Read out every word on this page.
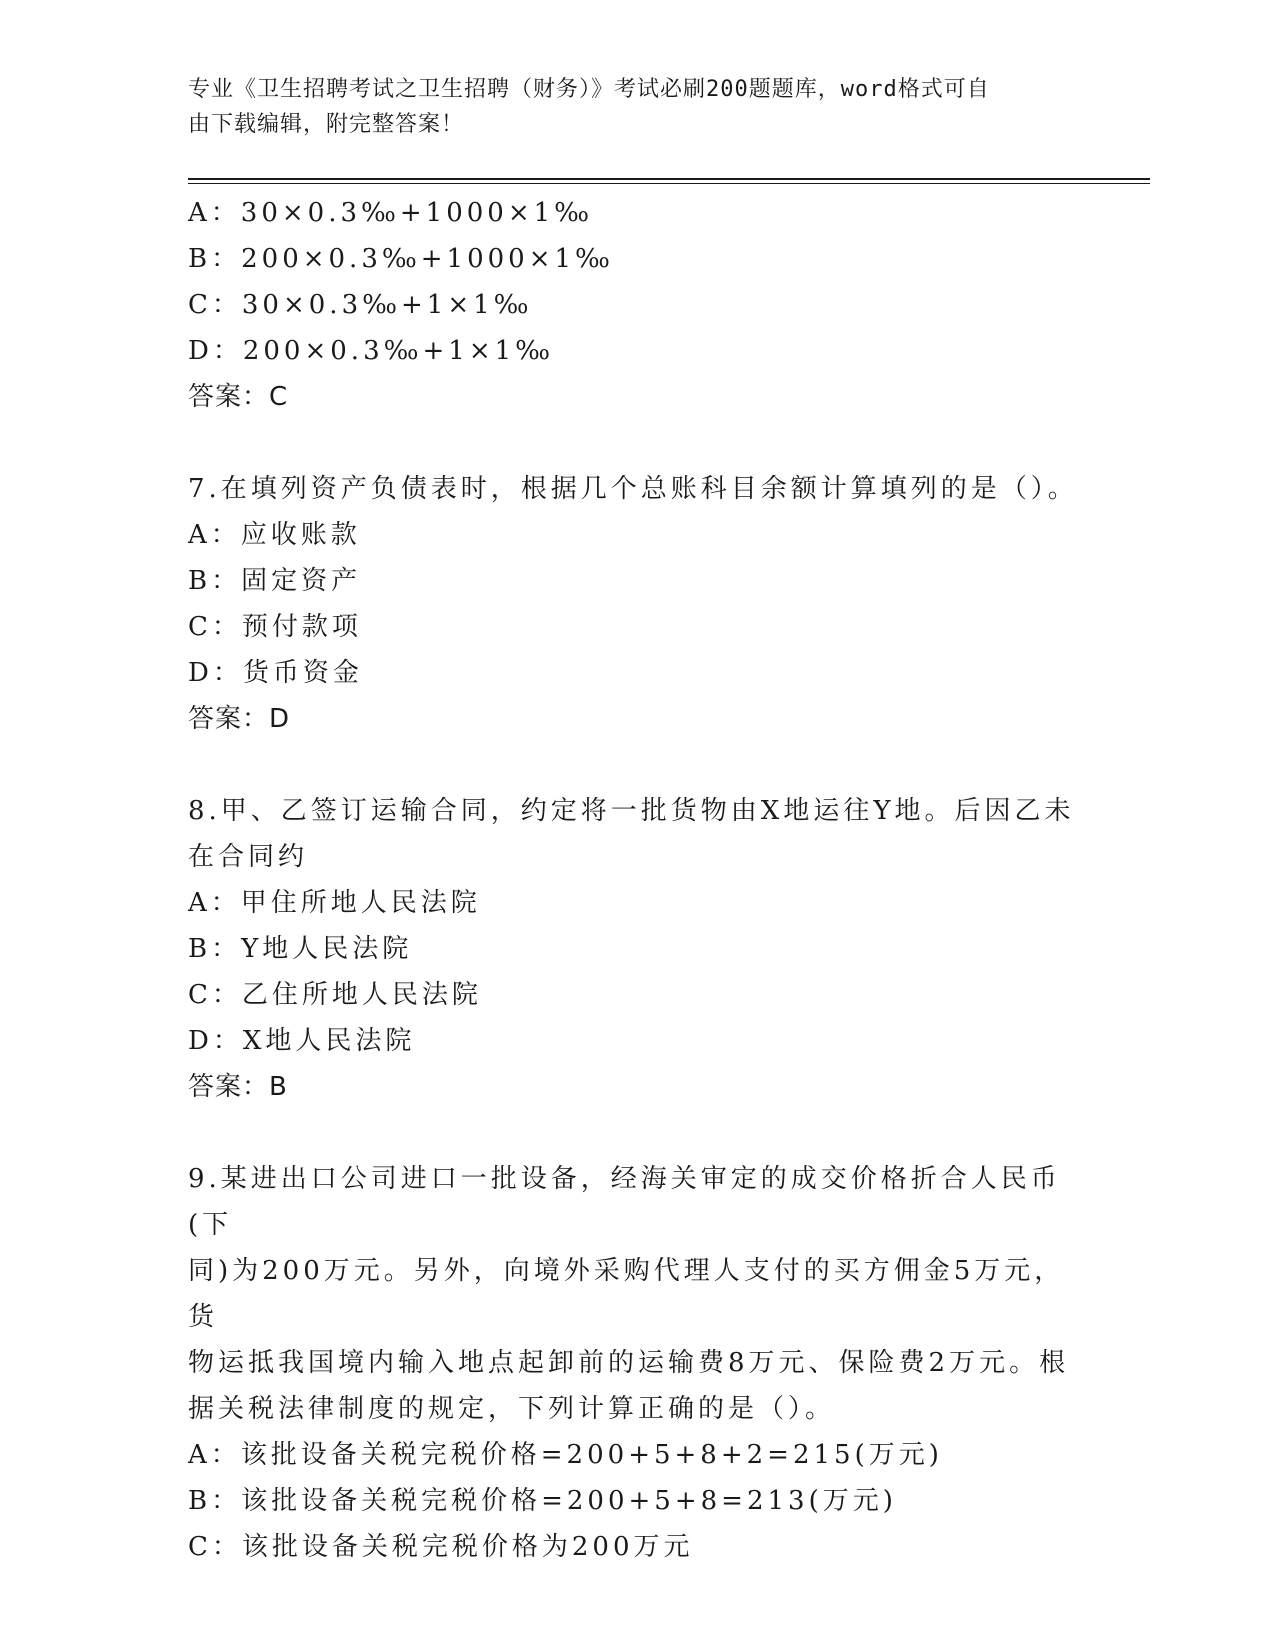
专业《卫生招聘考试之卫生招聘（财务）》考试必刷200题题库，word格式可自
由下载编辑，附完整答案！
A：30×0.3‰+1000×1‰
B：200×0.3‰+1000×1‰
C：30×0.3‰+1×1‰
D：200×0.3‰+1×1‰
答案：C
7.在填列资产负债表时，根据几个总账科目余额计算填列的是（）。
A：应收账款
B：固定资产
C：预付款项
D：货币资金
答案：D
8.甲、乙签订运输合同，约定将一批货物由X地运往Y地。后因乙未
在合同约
A：甲住所地人民法院
B：Y地人民法院
C：乙住所地人民法院
D：X地人民法院
答案：B
9.某进出口公司进口一批设备，经海关审定的成交价格折合人民币(下
同)为200万元。另外，向境外采购代理人支付的买方佣金5万元，货
物运抵我国境内输入地点起卸前的运输费8万元、保险费2万元。根
据关税法律制度的规定，下列计算正确的是（）。
A：该批设备关税完税价格=200+5+8+2=215(万元)
B：该批设备关税完税价格=200+5+8=213(万元)
C：该批设备关税完税价格为200万元
